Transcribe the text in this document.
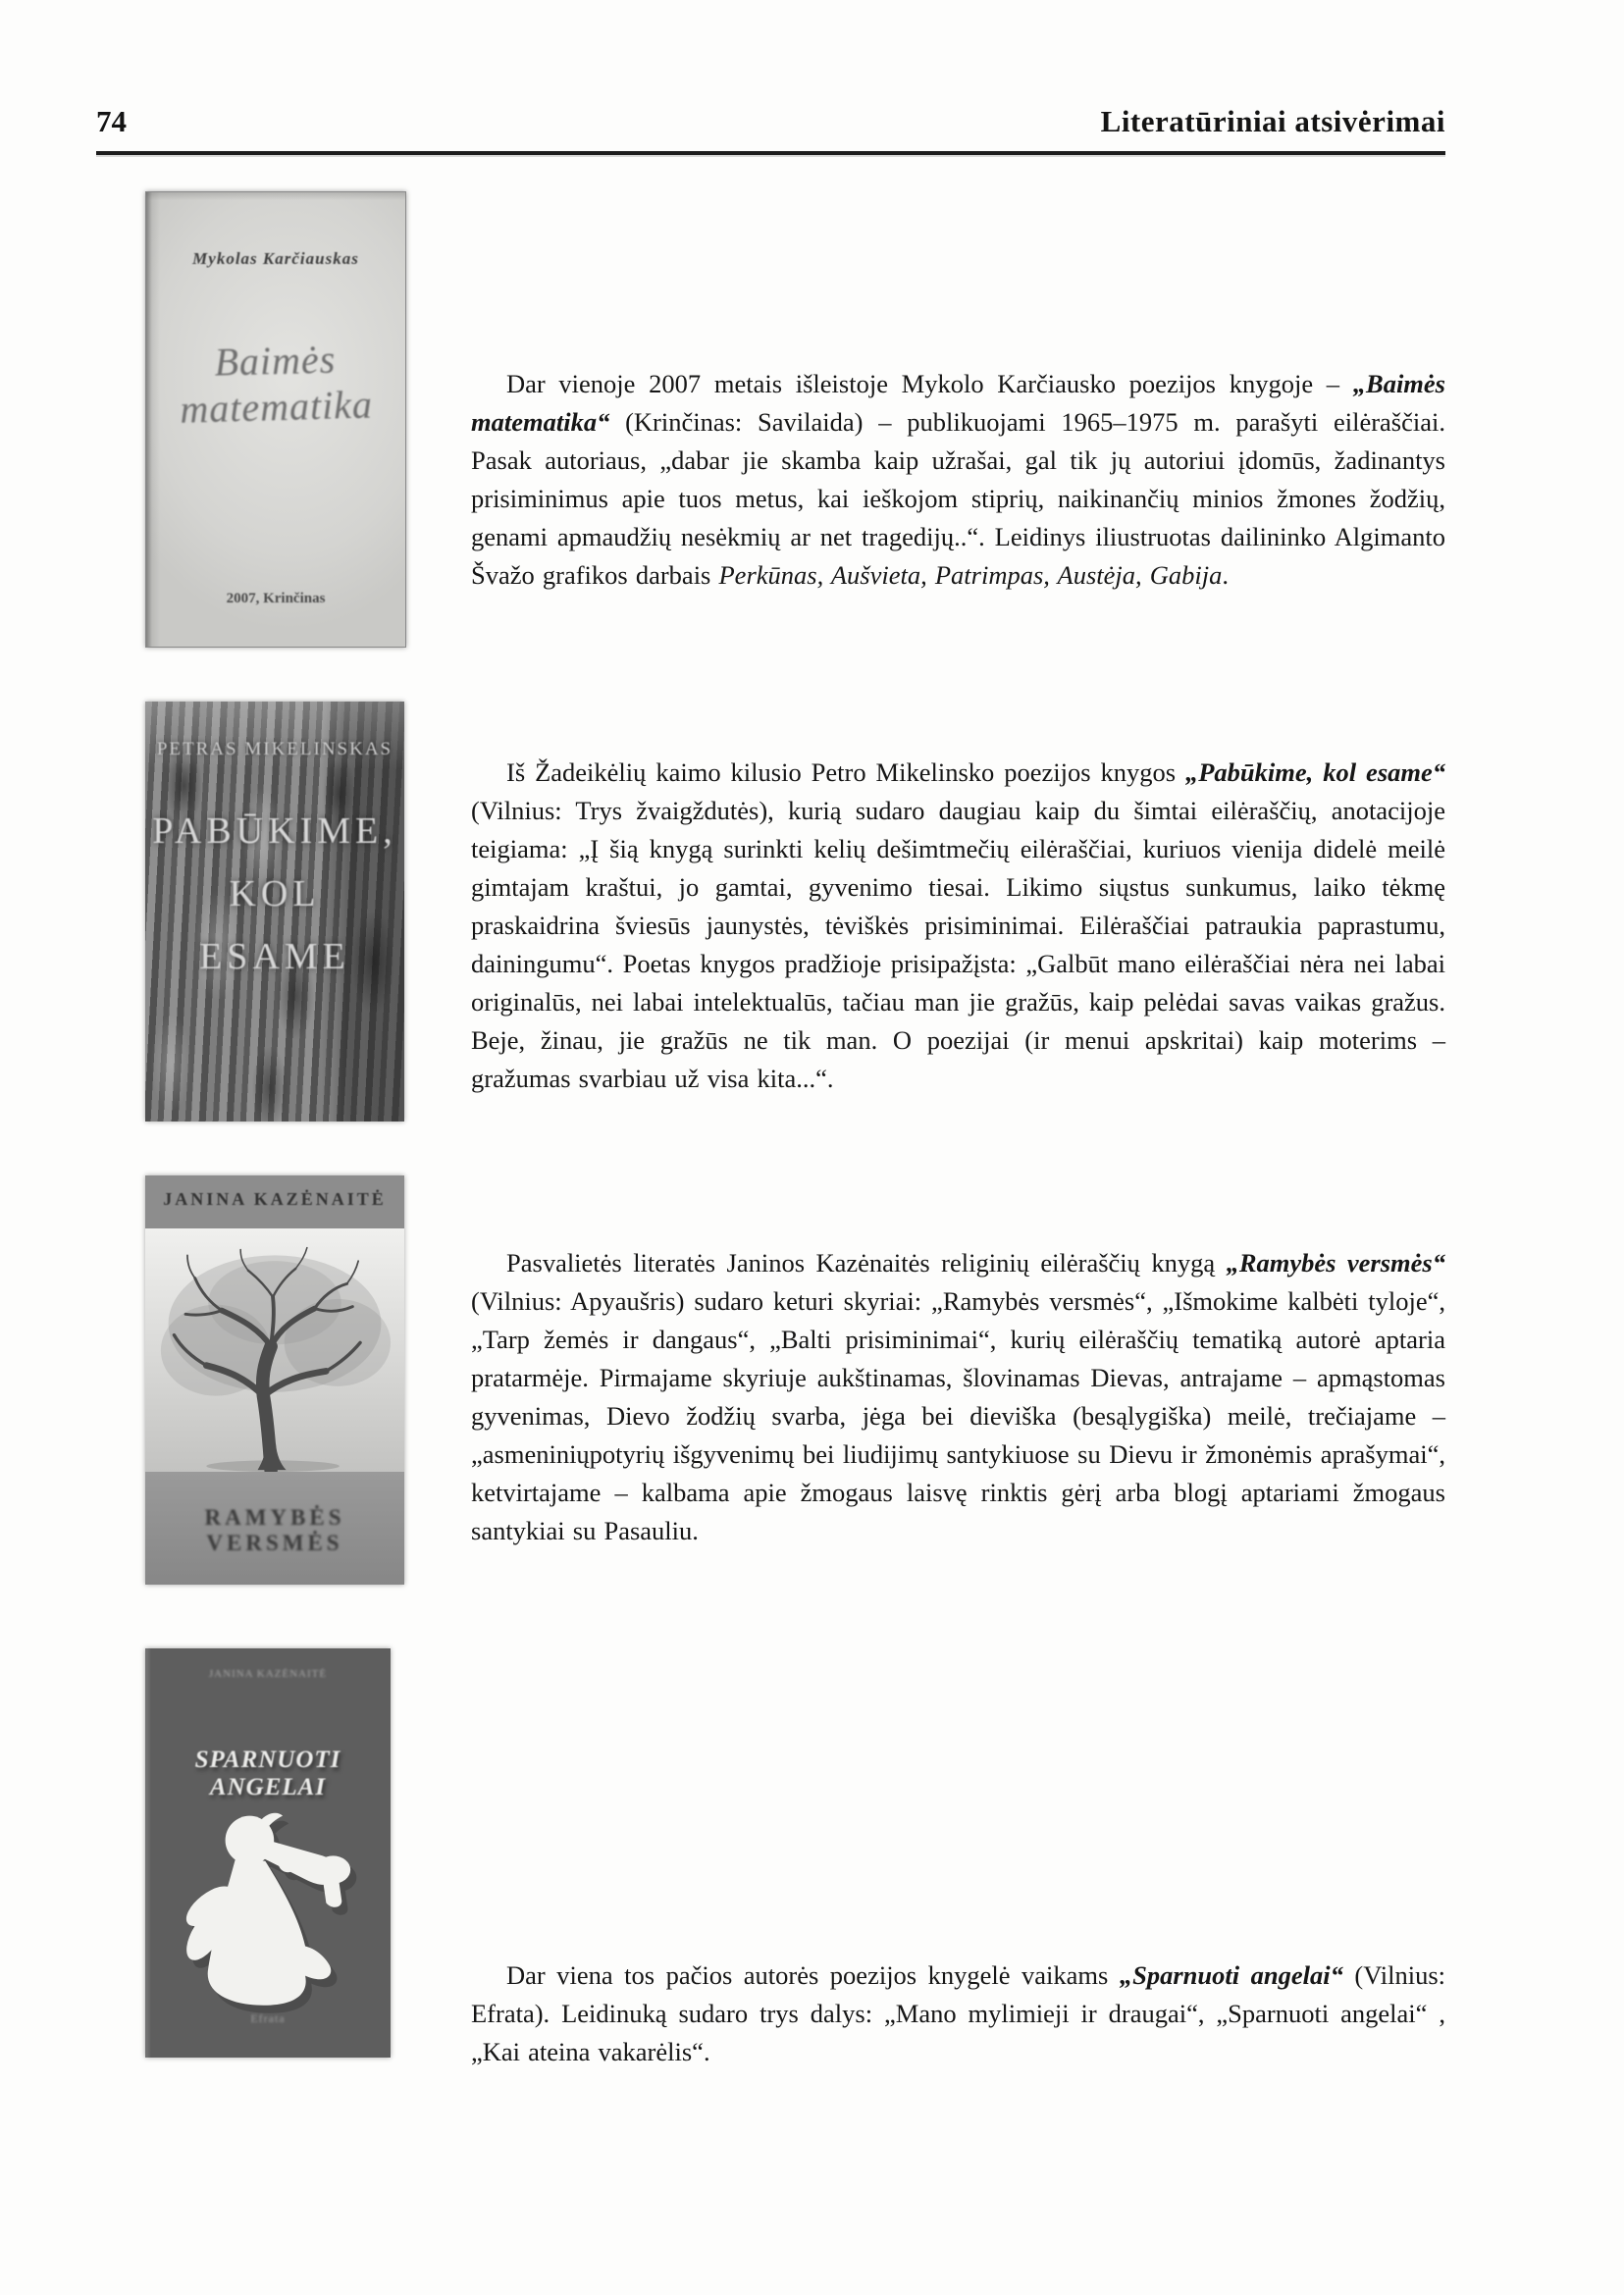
74	Literatūriniai atsivėrimai
Mykolas Karčiauskas
Baimės matematika
2007, Krinčinas
PETRAS MIKELINSKAS
PABŪKIME,
KOL
ESAME
JANINA KAZĖNAITĖ
RAMYBĖS VERSMĖS
JANINA KAZĖNAITĖ
SPARNUOTI ANGELAI
Efrata

Dar vienoje 2007 metais išleistoje Mykolo Karčiausko poezijos knygoje – „Baimės matematika“ (Krinčinas: Savilaida) – publikuojami 1965–1975 m. parašyti eilėraščiai. Pasak autoriaus, „dabar jie skamba kaip užrašai, gal tik jų autoriui įdomūs, žadinantys prisiminimus apie tuos metus, kai ieškojom stiprių, naikinančių minios žmones žodžių, genami apmaudžių nesėkmių ar net tragedijų..“. Leidinys iliustruotas dailininko Algimanto Švažo grafikos darbais Perkūnas, Aušvieta, Patrimpas, Austėja, Gabija.

Iš Žadeikėlių kaimo kilusio Petro Mikelinsko poezijos knygos „Pabūkime, kol esame“ (Vilnius: Trys žvaigždutės), kurią sudaro daugiau kaip du šimtai eilėraščių, anotacijoje teigiama: „Į šią knygą surinkti kelių dešimtmečių eilėraščiai, kuriuos vienija didelė meilė gimtajam kraštui, jo gamtai, gyvenimo tiesai. Likimo siųstus sunkumus, laiko tėkmę praskaidrina šviesūs jaunystės, tėviškės prisiminimai. Eilėraščiai patraukia paprastumu, dainingumu“. Poetas knygos pradžioje prisipažįsta: „Galbūt mano eilėraščiai nėra nei labai originalūs, nei labai intelektualūs, tačiau man jie gražūs, kaip pelėdai savas vaikas gražus. Beje, žinau, jie gražūs ne tik man. O poezijai (ir menui apskritai) kaip moterims – gražumas svarbiau už visa kita...“.

Pasvalietės literatės Janinos Kazėnaitės religinių eilėraščių knygą „Ramybės versmės“ (Vilnius: Apyaušris) sudaro keturi skyriai: „Ramybės versmės“, „Išmokime kalbėti tyloje“, „Tarp žemės ir dangaus“, „Balti prisiminimai“, kurių eilėraščių tematiką autorė aptaria pratarmėje. Pirmajame skyriuje aukštinamas, šlovinamas Dievas, antrajame – apmąstomas gyvenimas, Dievo žodžių svarba, jėga bei dieviška (besąlygiška) meilė, trečiajame – „asmeniniųpotyrių išgyvenimų bei liudijimų santykiuose su Dievu ir žmonėmis aprašymai“, ketvirtajame – kalbama apie žmogaus laisvę rinktis gėrį arba blogį aptariami žmogaus santykiai su Pasauliu.

Dar viena tos pačios autorės poezijos knygelė vaikams „Sparnuoti angelai“ (Vilnius: Efrata). Leidinuką sudaro trys dalys: „Mano mylimieji ir draugai“, „Sparnuoti angelai“ , „Kai ateina vakarėlis“.
